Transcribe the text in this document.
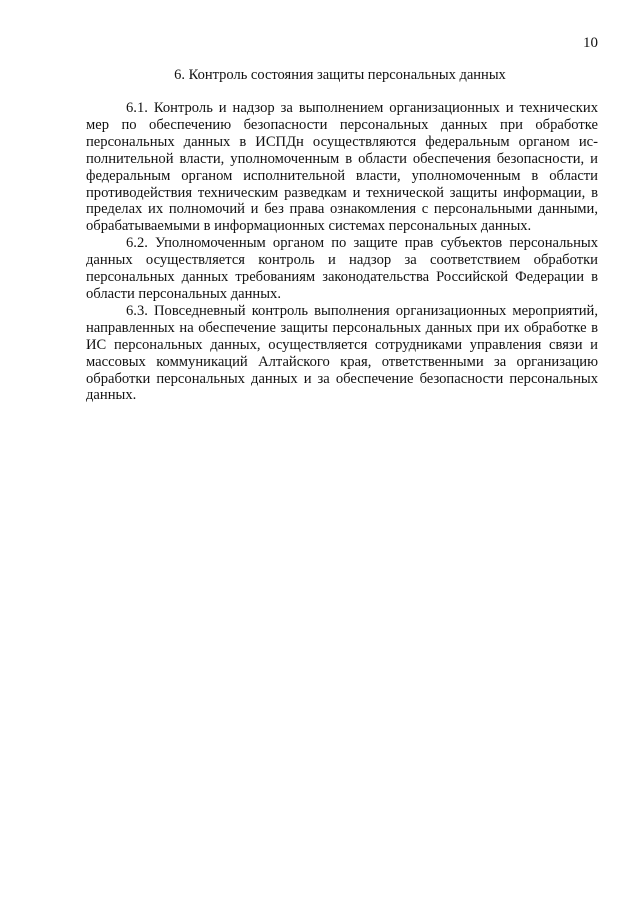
10
6. Контроль состояния защиты персональных данных

6.1. Контроль и надзор за выполнением организационных и технических мер по обеспечению безопасности персональных данных при обработке персональных данных в ИСПДн осуществляются федеральным органом исполнительной власти, уполномоченным в области обеспечения безопасности, и федеральным органом исполнительной власти, уполномоченным в области противодействия техническим разведкам и технической защиты информации, в пределах их полномочий и без права ознакомления с персональными данными, обрабатываемыми в информационных системах персональных данных.

6.2. Уполномоченным органом по защите прав субъектов персональных данных осуществляется контроль и надзор за соответствием обработки персональных данных требованиям законодательства Российской Федерации в области персональных данных.

6.3. Повседневный контроль выполнения организационных мероприятий, направленных на обеспечение защиты персональных данных при их обработке в ИС персональных данных, осуществляется сотрудниками управления связи и массовых коммуникаций Алтайского края, ответственными за организацию обработки персональных данных и за обеспечение безопасности персональных данных.
